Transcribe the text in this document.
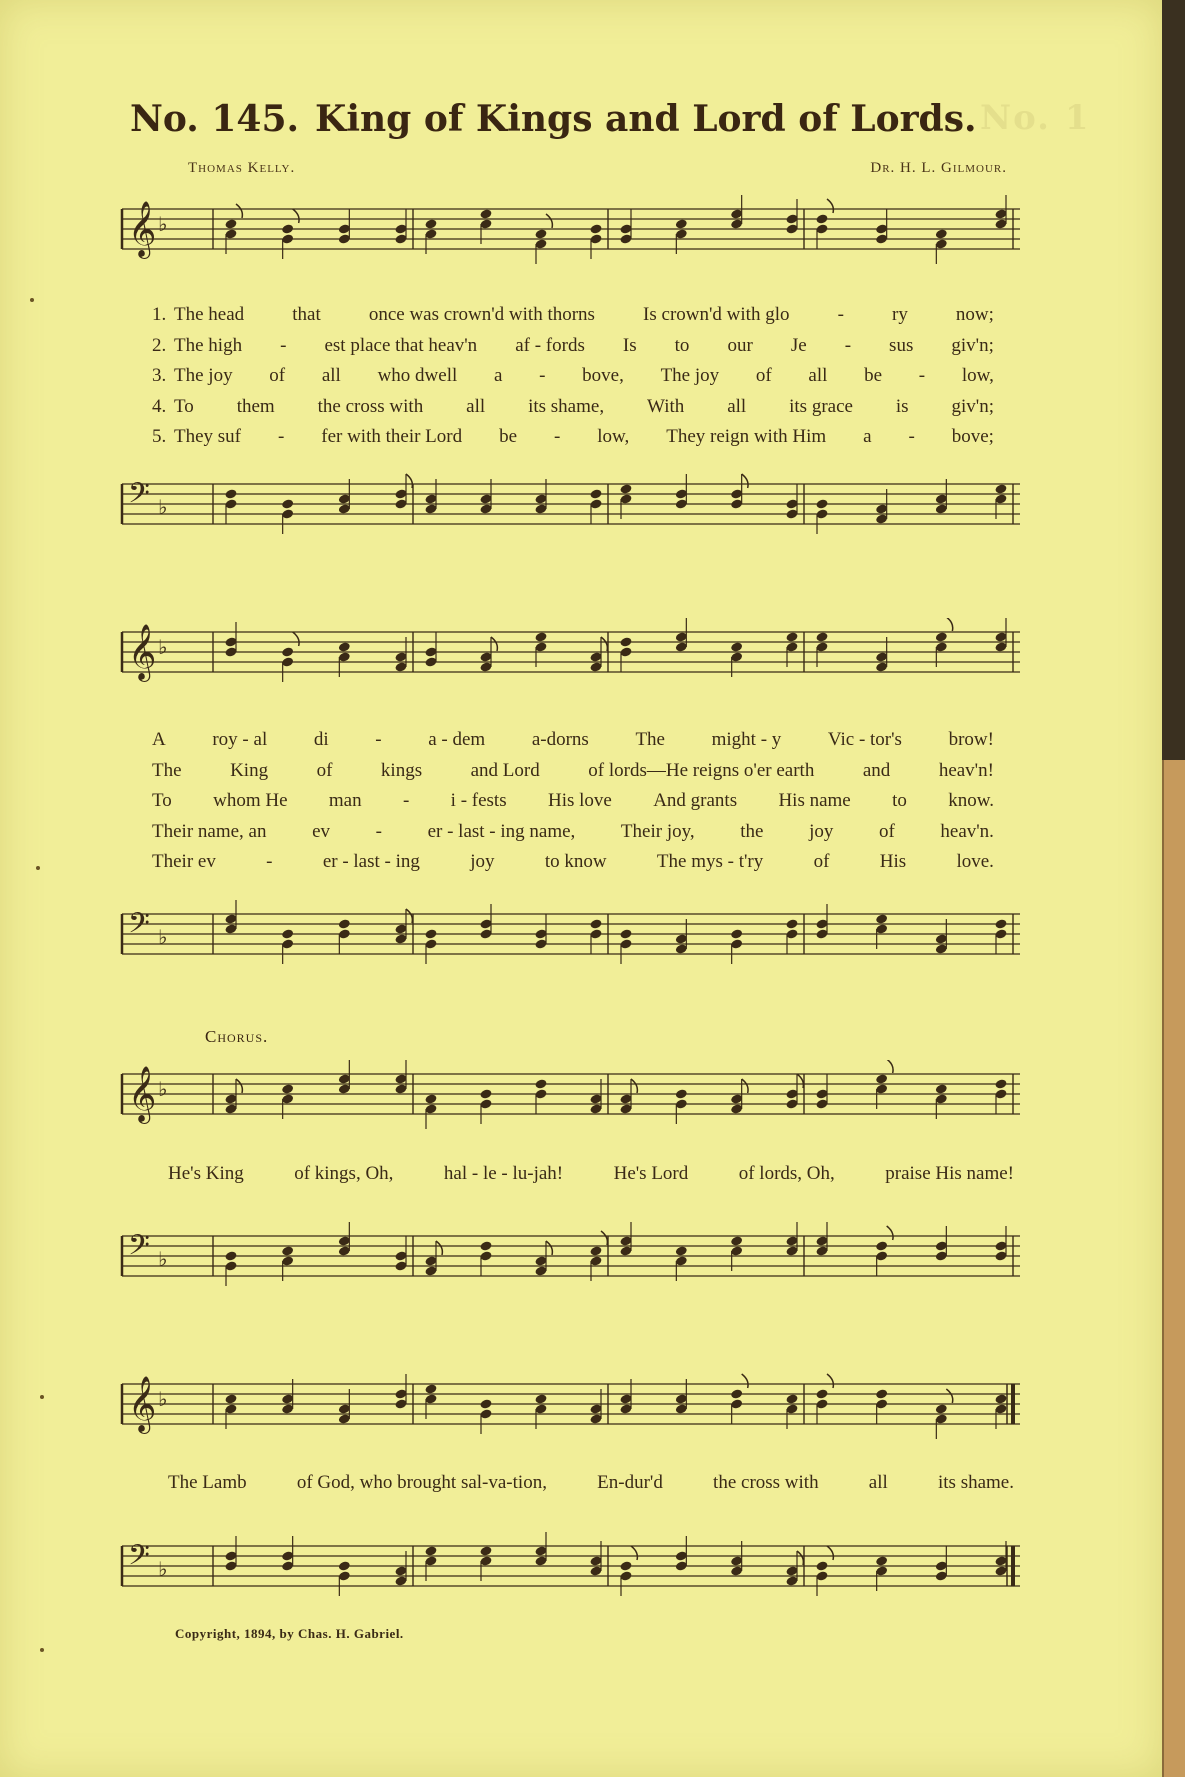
No. 1
No. 145. King of Kings and Lord of Lords.
Thomas Kelly.	Dr. H. L. Gilmour.
𝄞 ♭
1. The head	that	once was crown'd with thorns	Is crown'd with glo	-	ry	now;
2. The high - est place that heav'n af - fords Is to our Je - sus giv'n;
3. The joy of all who dwell a - bove, The joy of all be - low,
4. To them the cross with all its shame, With all its grace is giv'n;
5. They suf - fer with their Lord be - low, They reign with Him a - bove;
𝄢 ♭
𝄞 ♭
A roy - al di - a - dem a-dorns The might - y Vic - tor's brow!
The	King	of	kings	and Lord	of lords—He reigns o'er earth	and	heav'n!
To whom He man - i - fests His love And grants His name to know.
Their name, an ev - er - last - ing name, Their joy, the joy of heav'n.
Their ev	-	er - last - ing	joy	to know	The mys - t'ry	of	His	love.
𝄢 ♭
Chorus.
𝄞 ♭
He's King	of kings, Oh,	hal - le - lu-jah!	He's Lord	of lords, Oh,	praise His name!
𝄢 ♭
𝄞 ♭
The Lamb	of God, who brought sal-va-tion,	En-dur'd	the cross with	all	its shame.
𝄢 ♭
Copyright, 1894, by Chas. H. Gabriel.
